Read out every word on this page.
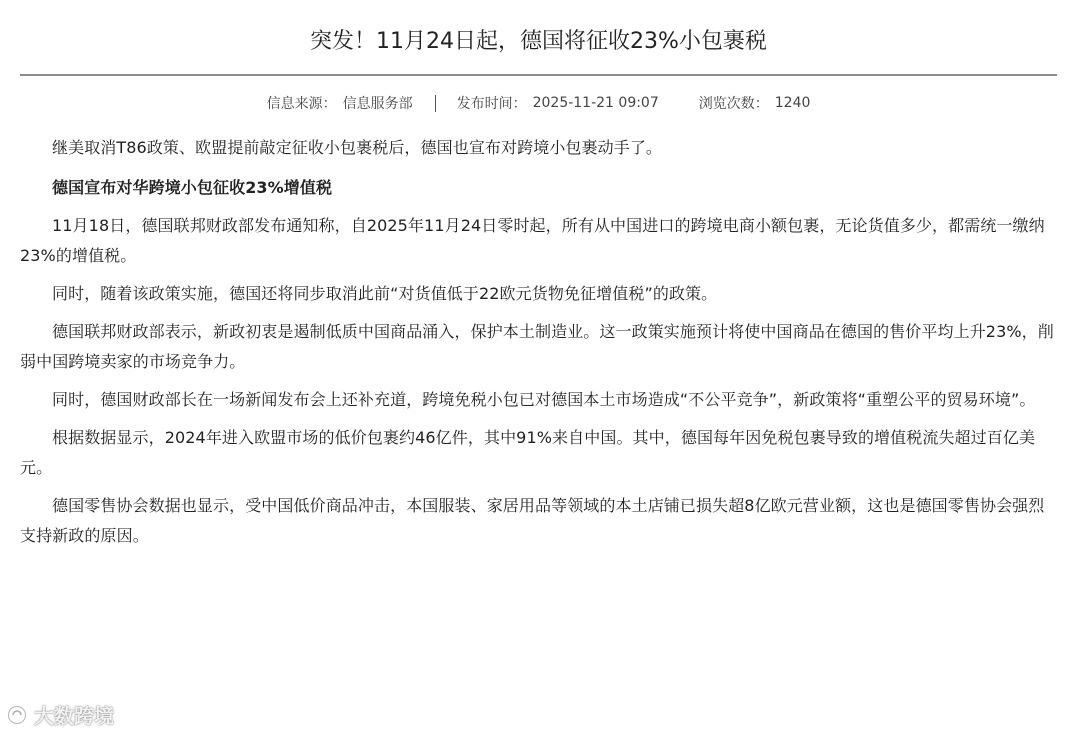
突发！11月24日起，德国将征收23%小包裹税
信息来源： 信息服务部	发布时间： 2025-11-21 09:07	浏览次数： 1240

继美取消T86政策、欧盟提前敲定征收小包裹税后，德国也宣布对跨境小包裹动手了。

德国宣布对华跨境小包征收23%增值税

11月18日，德国联邦财政部发布通知称，自2025年11月24日零时起，所有从中国进口的跨境电商小额包裹，无论货值多少，都需统一缴纳23%的增值税。

同时，随着该政策实施，德国还将同步取消此前“对货值低于22欧元货物免征增值税”的政策。

德国联邦财政部表示，新政初衷是遏制低质中国商品涌入，保护本土制造业。这一政策实施预计将使中国商品在德国的售价平均上升23%，削弱中国跨境卖家的市场竞争力。

同时，德国财政部长在一场新闻发布会上还补充道，跨境免税小包已对德国本土市场造成“不公平竞争”，新政策将“重塑公平的贸易环境”。

根据数据显示，2024年进入欧盟市场的低价包裹约46亿件，其中91%来自中国。其中，德国每年因免税包裹导致的增值税流失超过百亿美元。

德国零售协会数据也显示，受中国低价商品冲击，本国服装、家居用品等领域的本土店铺已损失超8亿欧元营业额，这也是德国零售协会强烈支持新政的原因。

大数跨境
